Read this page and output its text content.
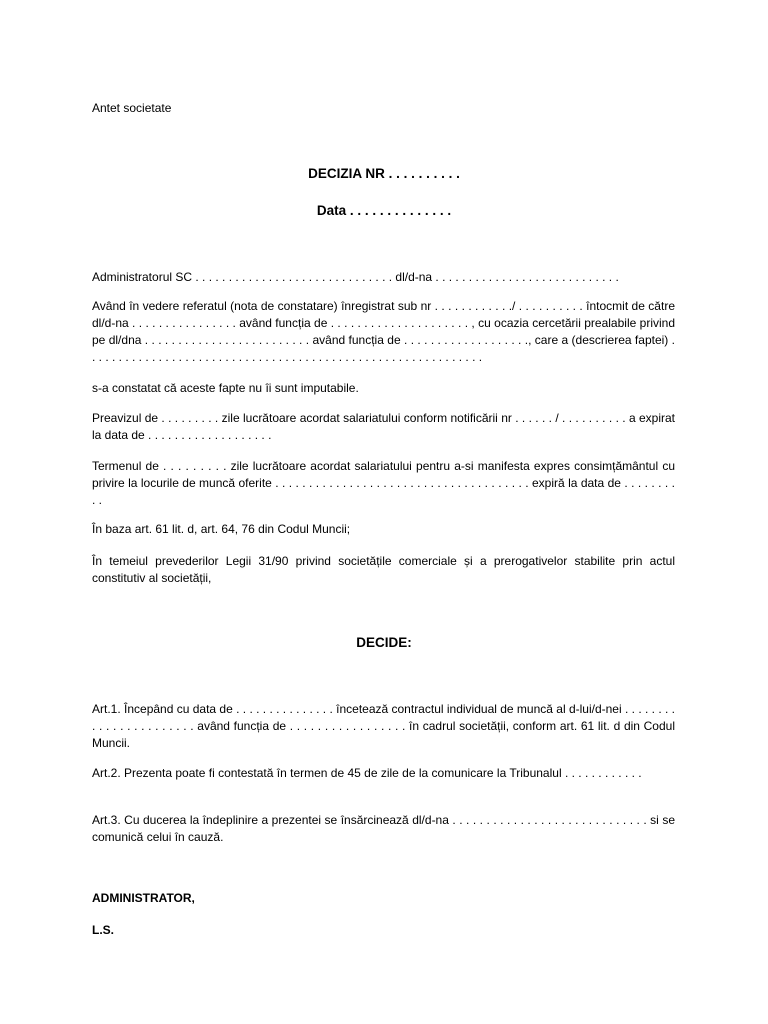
Antet societate
DECIZIA NR . . . . . . . . . .
Data . . . . . . . . . . . . . .
Administratorul SC . . . . . . . . . . . . . . . . . . . . . . . . . . . . . . dl/d-na . . . . . . . . . . . . . . . . . . . . . . . . . . . .

Având în vedere referatul (nota de constatare) înregistrat sub nr . . . . . . . . . . . ./ . . . . . . . . . . întocmit de către dl/d-na . . . . . . . . . . . . . . . . având funcția de . . . . . . . . . . . . . . . . . . . . . , cu ocazia cercetării prealabile privind pe dl/dna . . . . . . . . . . . . . . . . . . . . . . . . . având funcția de . . . . . . . . . . . . . . . . . . ., care a (descrierea faptei) . . . . . . . . . . . . . . . . . . . . . . . . . . . . . . . . . . . . . . . . . . . . . . . . . . . . . . . . . . . .

s-a constatat că aceste fapte nu îi sunt imputabile.

Preavizul de . . . . . . . . . zile lucrătoare acordat salariatului conform notificării nr . . . . . . / . . . . . . . . . . a expirat la data de . . . . . . . . . . . . . . . . . . .

Termenul de . . . . . . . . . zile lucrătoare acordat salariatului pentru a-si manifesta expres consimțământul cu privire la locurile de muncă oferite . . . . . . . . . . . . . . . . . . . . . . . . . . . . . . . . . . . . . . expiră la data de . . . . . . . . . .

În baza art. 61 lit. d, art. 64, 76 din Codul Muncii;

În temeiul prevederilor Legii 31/90 privind societățile comerciale și a prerogativelor stabilite prin actul constitutiv al societății,

DECIDE:

Art.1. Începând cu data de . . . . . . . . . . . . . . . încetează contractul individual de muncă al d-lui/d-nei . . . . . . . . . . . . . . . . . . . . . . . având funcția de . . . . . . . . . . . . . . . . . în cadrul societății, conform art. 61 lit. d din Codul Muncii.

Art.2. Prezenta poate fi contestată în termen de 45 de zile de la comunicare la Tribunalul . . . . . . . . . . . .

Art.3. Cu ducerea la îndeplinire a prezentei se însărcinează dl/d-na . . . . . . . . . . . . . . . . . . . . . . . . . . . . . si se comunică celui în cauză.

ADMINISTRATOR,
L.S.
